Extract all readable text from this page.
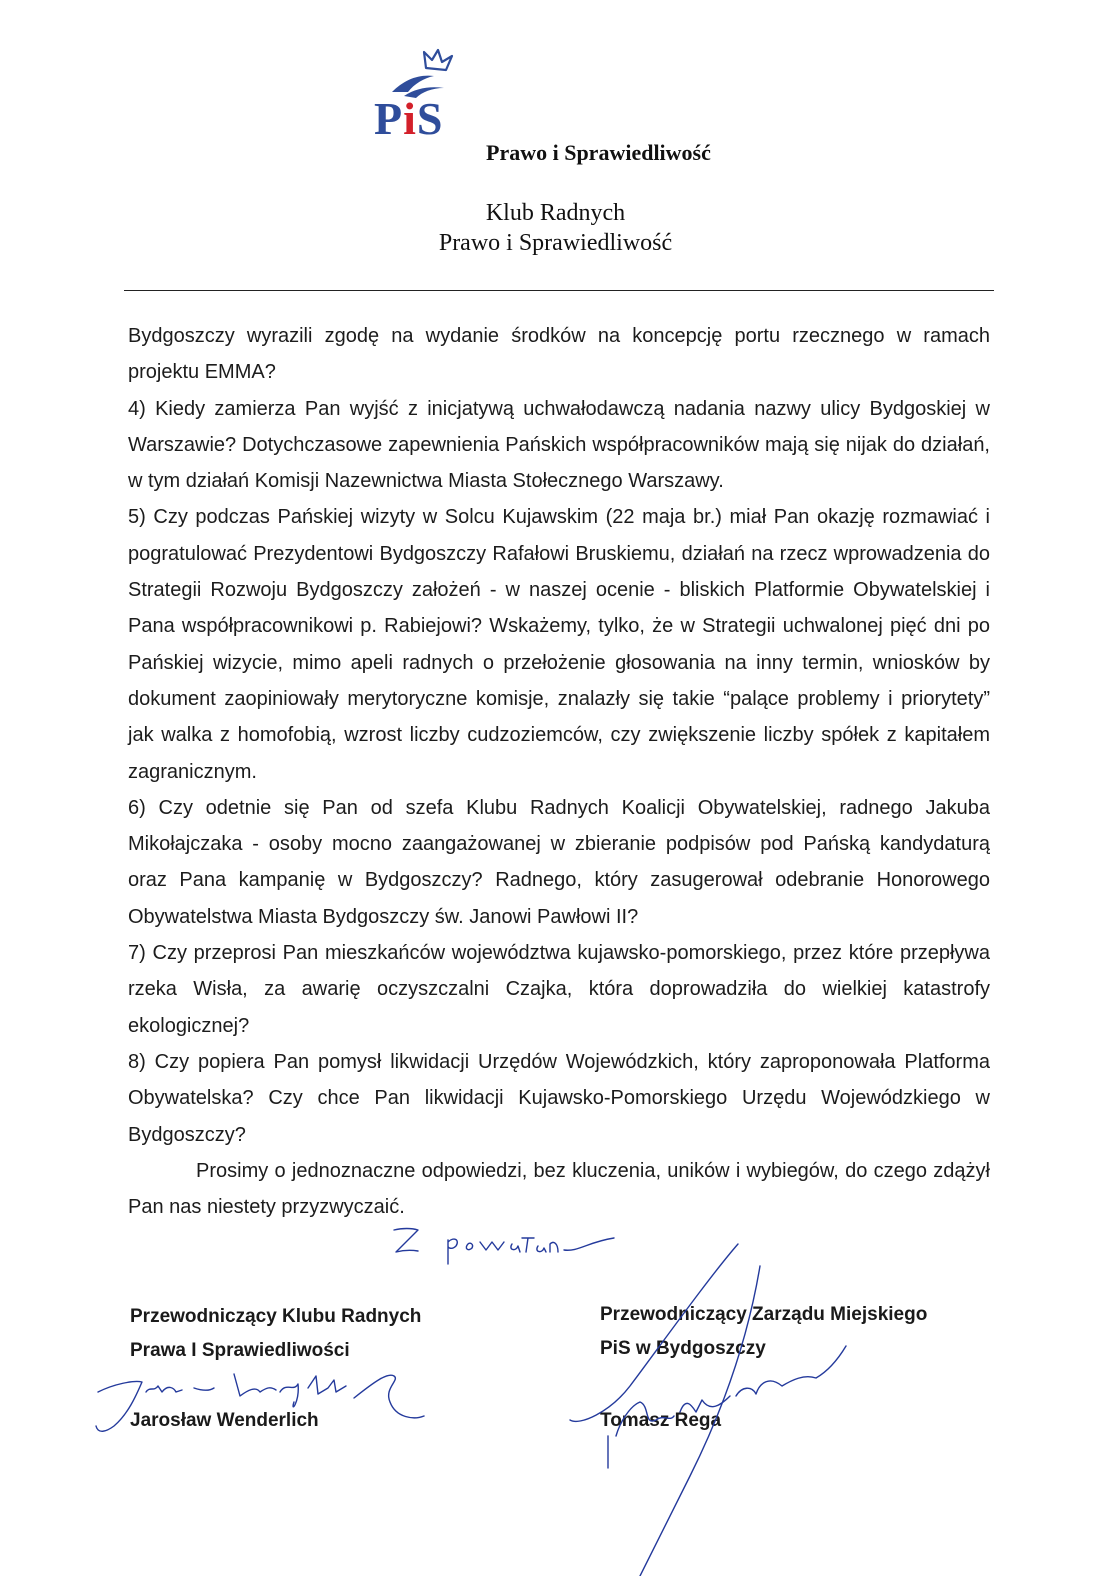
PiS
Prawo i Sprawiedliwość
Klub Radnych
Prawo i Sprawiedliwość

Bydgoszczy wyrazili zgodę na wydanie środków na koncepcję portu rzecznego w ramach projektu EMMA?

4) Kiedy zamierza Pan wyjść z inicjatywą uchwałodawczą nadania nazwy ulicy Bydgoskiej w Warszawie? Dotychczasowe zapewnienia Pańskich współpracowników mają się nijak do działań, w tym działań Komisji Nazewnictwa Miasta Stołecznego Warszawy.

5) Czy podczas Pańskiej wizyty w Solcu Kujawskim (22 maja br.) miał Pan okazję rozmawiać i pogratulować Prezydentowi Bydgoszczy Rafałowi Bruskiemu, działań na rzecz wprowadzenia do Strategii Rozwoju Bydgoszczy założeń - w naszej ocenie - bliskich Platformie Obywatelskiej i Pana współpracownikowi p. Rabiejowi? Wskażemy, tylko, że w Strategii uchwalonej pięć dni po Pańskiej wizycie, mimo apeli radnych o przełożenie głosowania na inny termin, wniosków by dokument zaopiniowały merytoryczne komisje, znalazły się takie “palące problemy i priorytety” jak walka z homofobią, wzrost liczby cudzoziemców, czy zwiększenie liczby spółek z kapitałem zagranicznym.

6) Czy odetnie się Pan od szefa Klubu Radnych Koalicji Obywatelskiej, radnego Jakuba Mikołajczaka - osoby mocno zaangażowanej w zbieranie podpisów pod Pańską kandydaturą oraz Pana kampanię w Bydgoszczy? Radnego, który zasugerował odebranie Honorowego Obywatelstwa Miasta Bydgoszczy św. Janowi Pawłowi II?

7) Czy przeprosi Pan mieszkańców województwa kujawsko-pomorskiego, przez które przepływa rzeka Wisła, za awarię oczyszczalni Czajka, która doprowadziła do wielkiej katastrofy ekologicznej?

8) Czy popiera Pan pomysł likwidacji Urzędów Wojewódzkich, który zaproponowała Platforma Obywatelska? Czy chce Pan likwidacji Kujawsko-Pomorskiego Urzędu Wojewódzkiego w Bydgoszczy?

Prosimy o jednoznaczne odpowiedzi, bez kluczenia, uników i wybiegów, do czego zdążył Pan nas niestety przyzwyczaić.

Przewodniczący Klubu Radnych
Prawa I Sprawiedliwości
Jarosław Wenderlich
Przewodniczący Zarządu Miejskiego
PiS w Bydgoszczy
Tomasz Rega
